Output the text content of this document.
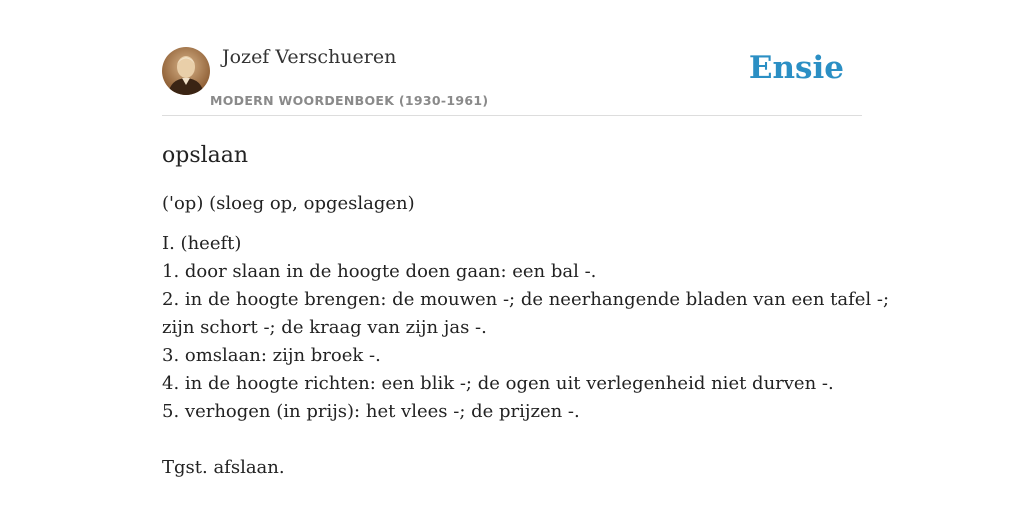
Jozef Verschueren
MODERN WOORDENBOEK (1930-1961)
Ensie
opslaan
('op) (sloeg op, opgeslagen)
I. (heeft)
1. door slaan in de hoogte doen gaan: een bal -.
2. in de hoogte brengen: de mouwen -; de neerhangende bladen van een tafel -;
zijn schort -; de kraag van zijn jas -.
3. omslaan: zijn broek -.
4. in de hoogte richten: een blik -; de ogen uit verlegenheid niet durven -.
5. verhogen (in prijs): het vlees -; de prijzen -.
Tgst. afslaan.
